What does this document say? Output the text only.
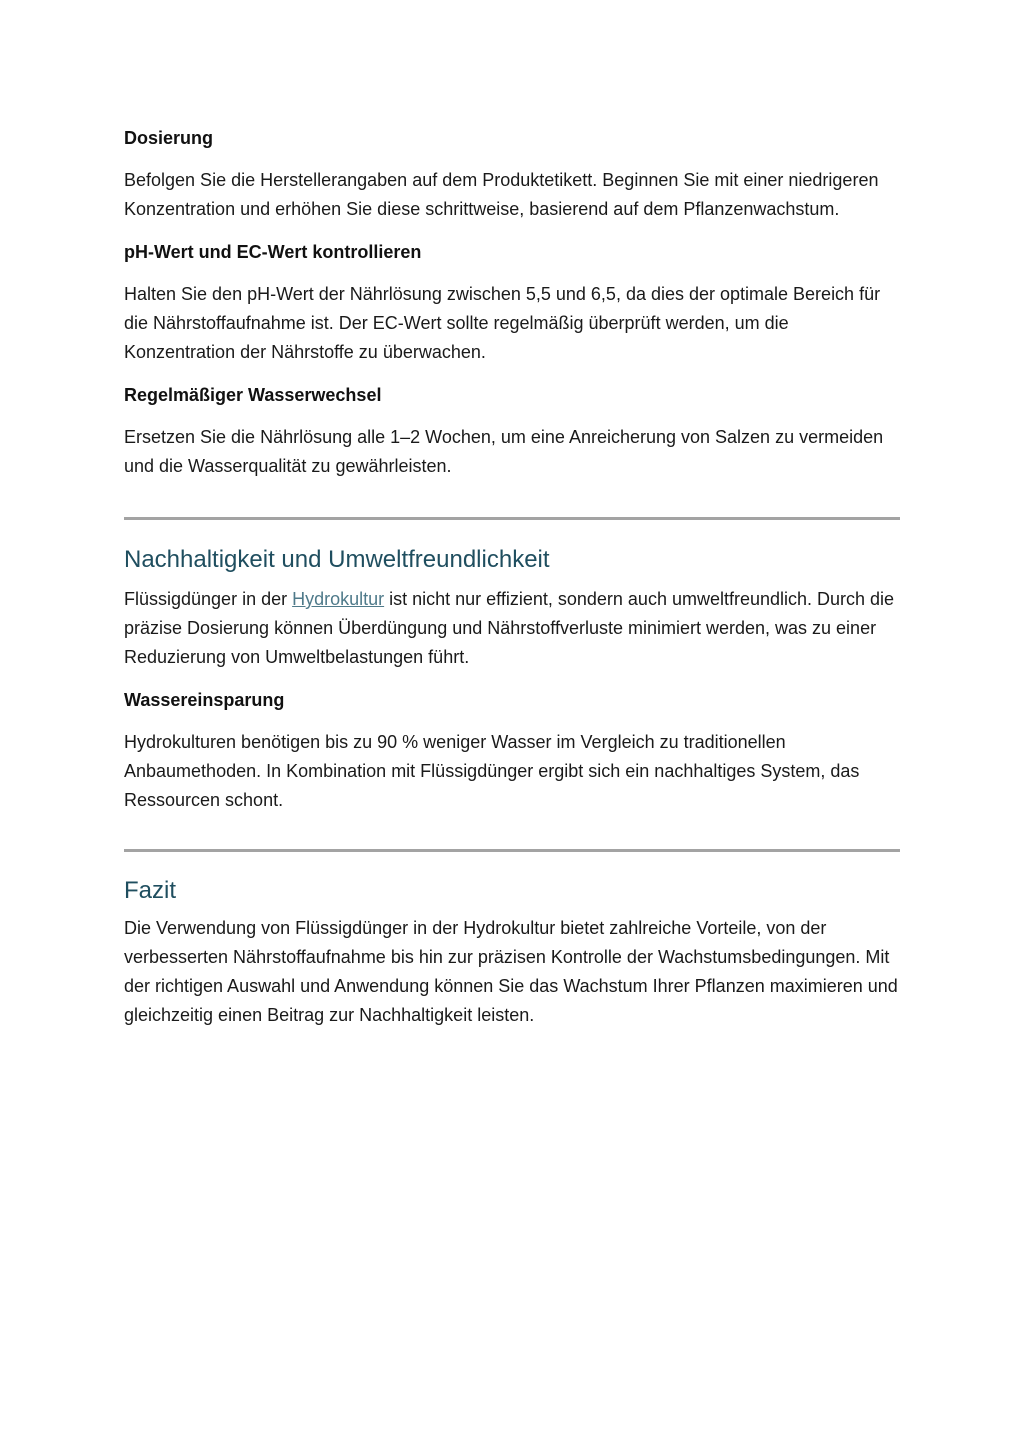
Dosierung

Befolgen Sie die Herstellerangaben auf dem Produktetikett. Beginnen Sie mit einer niedrigeren Konzentration und erhöhen Sie diese schrittweise, basierend auf dem Pflanzenwachstum.

pH-Wert und EC-Wert kontrollieren

Halten Sie den pH-Wert der Nährlösung zwischen 5,5 und 6,5, da dies der optimale Bereich für die Nährstoffaufnahme ist. Der EC-Wert sollte regelmäßig überprüft werden, um die Konzentration der Nährstoffe zu überwachen.

Regelmäßiger Wasserwechsel

Ersetzen Sie die Nährlösung alle 1–2 Wochen, um eine Anreicherung von Salzen zu vermeiden und die Wasserqualität zu gewährleisten.

Nachhaltigkeit und Umweltfreundlichkeit

Flüssigdünger in der Hydrokultur ist nicht nur effizient, sondern auch umweltfreundlich. Durch die präzise Dosierung können Überdüngung und Nährstoffverluste minimiert werden, was zu einer Reduzierung von Umweltbelastungen führt.

Wassereinsparung

Hydrokulturen benötigen bis zu 90 % weniger Wasser im Vergleich zu traditionellen Anbaumethoden. In Kombination mit Flüssigdünger ergibt sich ein nachhaltiges System, das Ressourcen schont.

Fazit

Die Verwendung von Flüssigdünger in der Hydrokultur bietet zahlreiche Vorteile, von der verbesserten Nährstoffaufnahme bis hin zur präzisen Kontrolle der Wachstumsbedingungen. Mit der richtigen Auswahl und Anwendung können Sie das Wachstum Ihrer Pflanzen maximieren und gleichzeitig einen Beitrag zur Nachhaltigkeit leisten.
